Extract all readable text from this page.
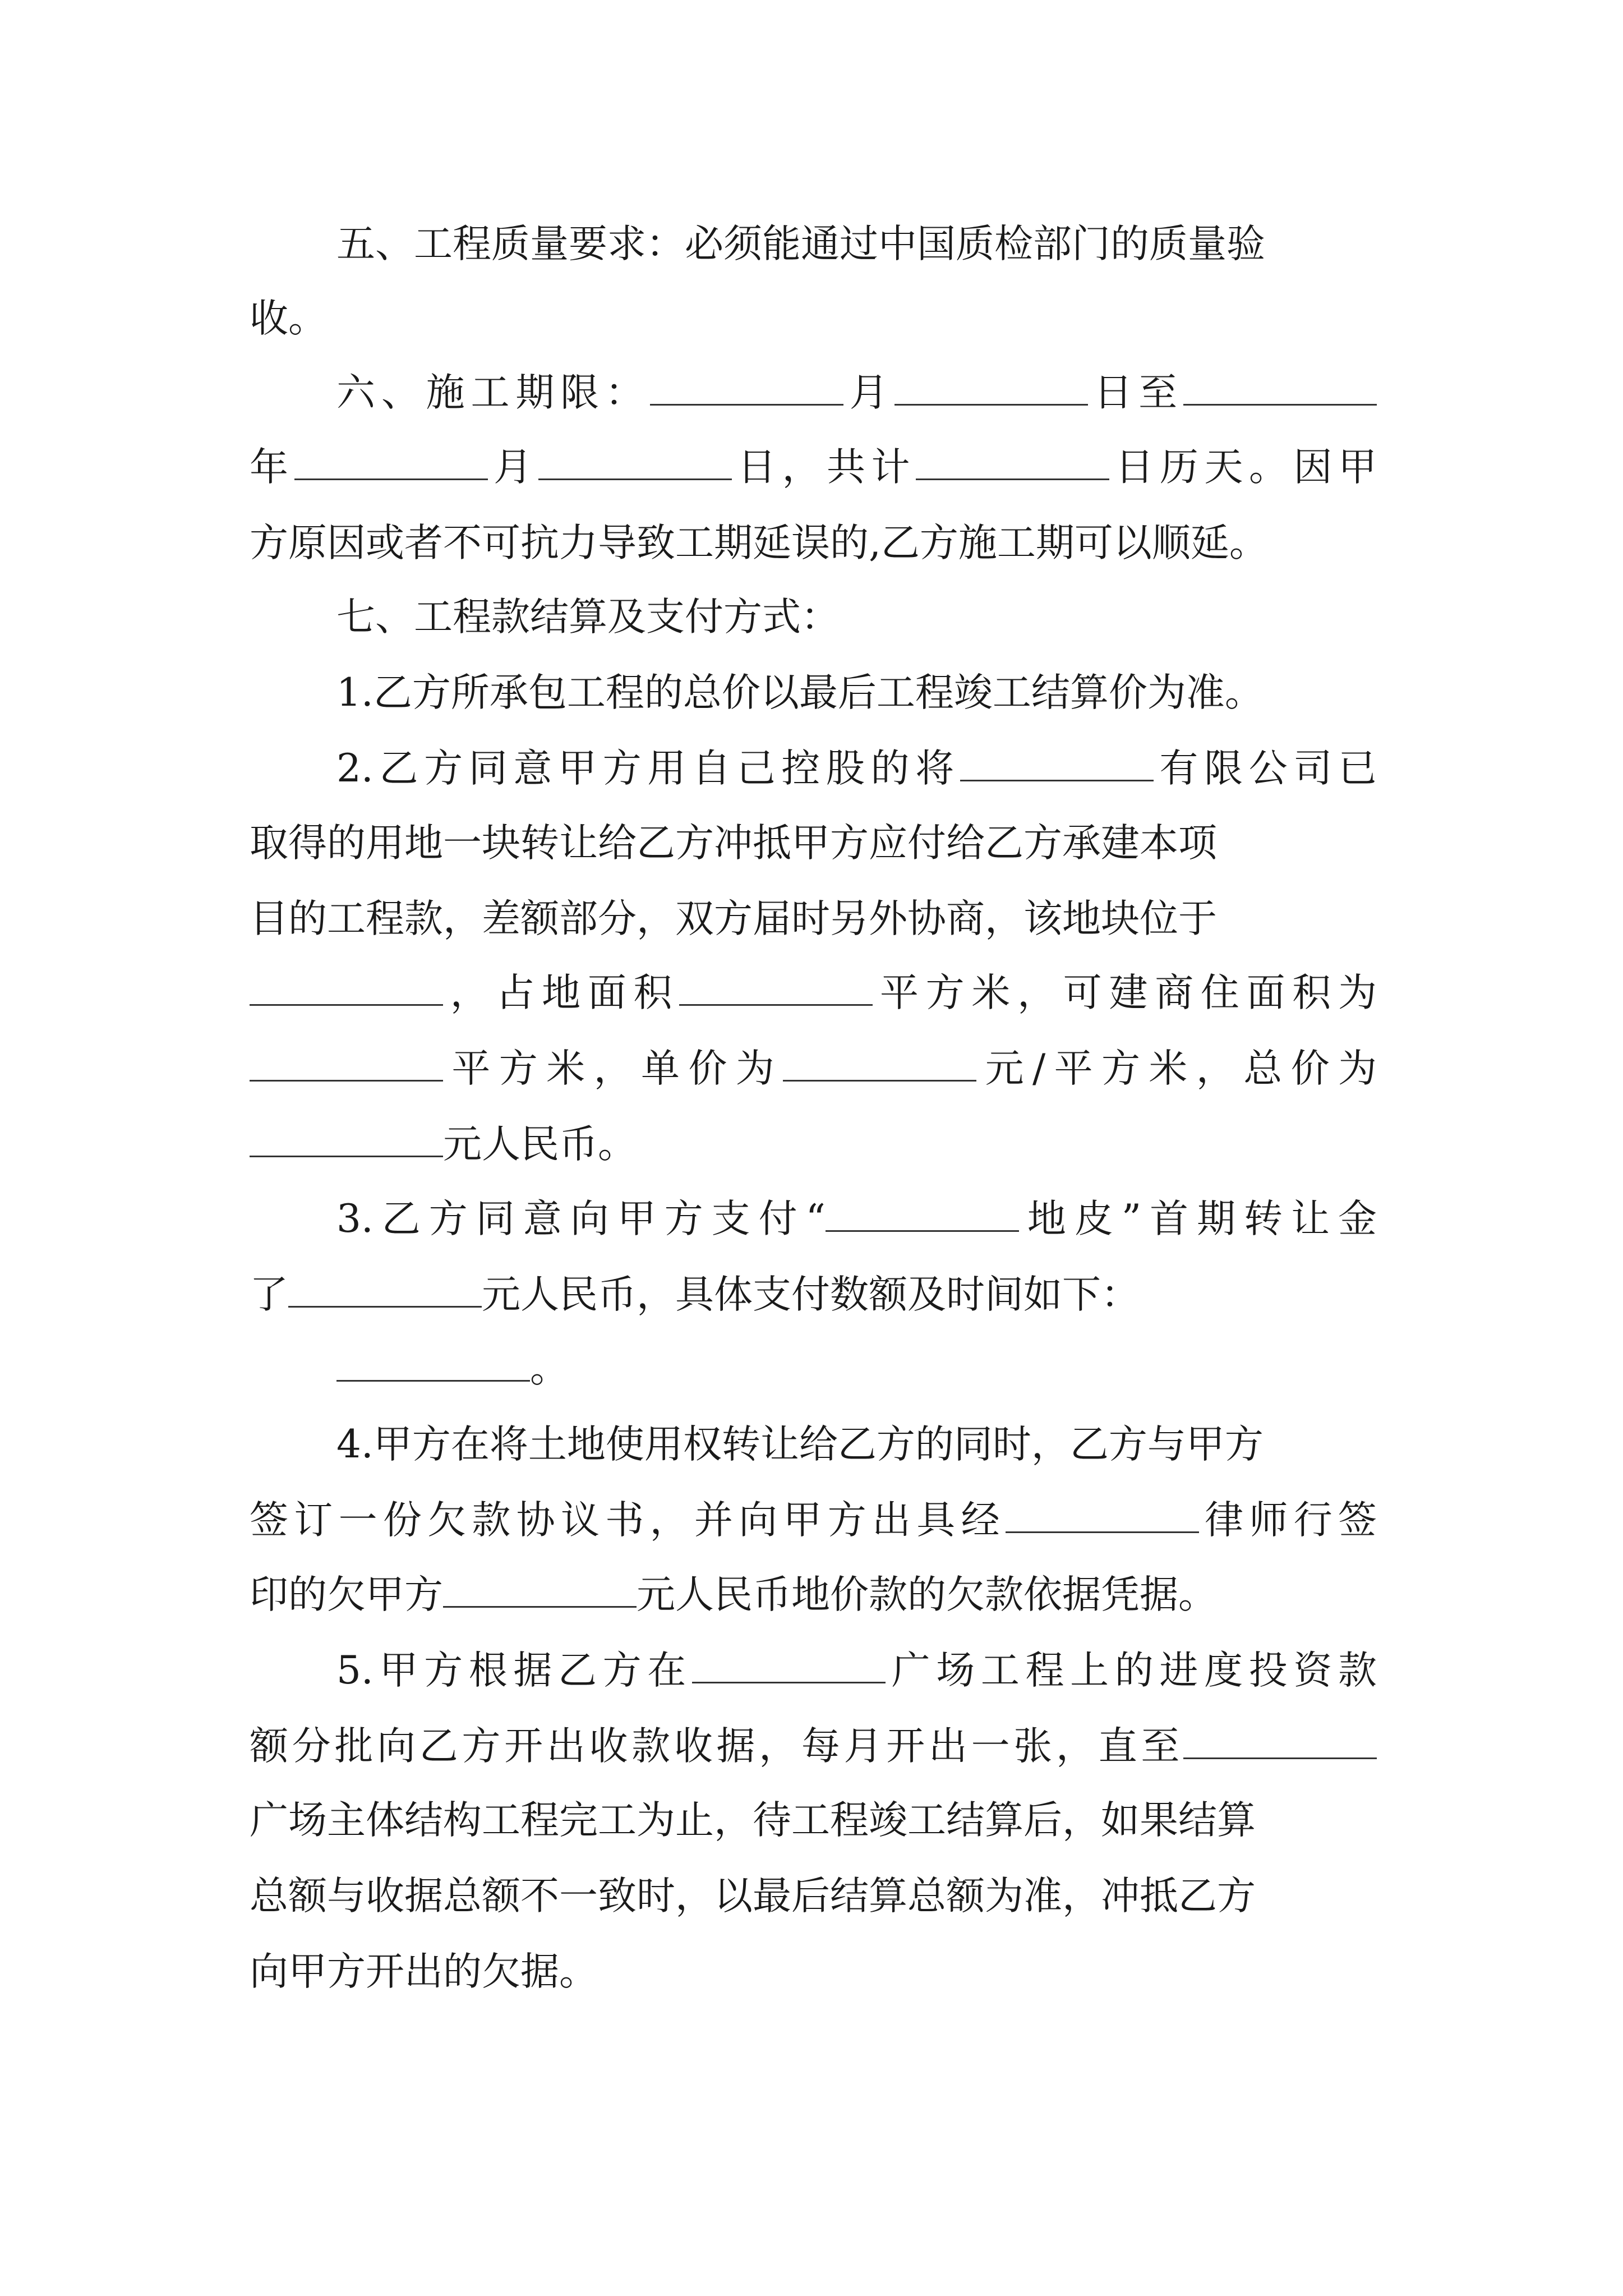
五、工程质量要求：必须能通过中国质检部门的质量验
收。
六、施工期限：	月	日至
年	月	日，共计	日历天。因甲
方原因或者不可抗力导致工期延误的,乙方施工期可以顺延。
七、工程款结算及支付方式：
1.乙方所承包工程的总价以最后工程竣工结算价为准。
2.乙方同意甲方用自己控股的将	有限公司已
取得的用地一块转让给乙方冲抵甲方应付给乙方承建本项
目的工程款，差额部分，双方届时另外协商，该地块位于
，占地面积	平方米，可建商住面积为
平方米，单价为	元/平方米，总价为
元人民币。
3.乙方同意向甲方支付“	地皮”首期转让金
了	元人民币，具体支付数额及时间如下：
。
4.甲方在将土地使用权转让给乙方的同时，乙方与甲方
签订一份欠款协议书，并向甲方出具经	律师行签
印的欠甲方	元人民币地价款的欠款依据凭据。
5.甲方根据乙方在	广场工程上的进度投资款
额分批向乙方开出收款收据，每月开出一张，直至
广场主体结构工程完工为止，待工程竣工结算后，如果结算
总额与收据总额不一致时，以最后结算总额为准，冲抵乙方
向甲方开出的欠据。
